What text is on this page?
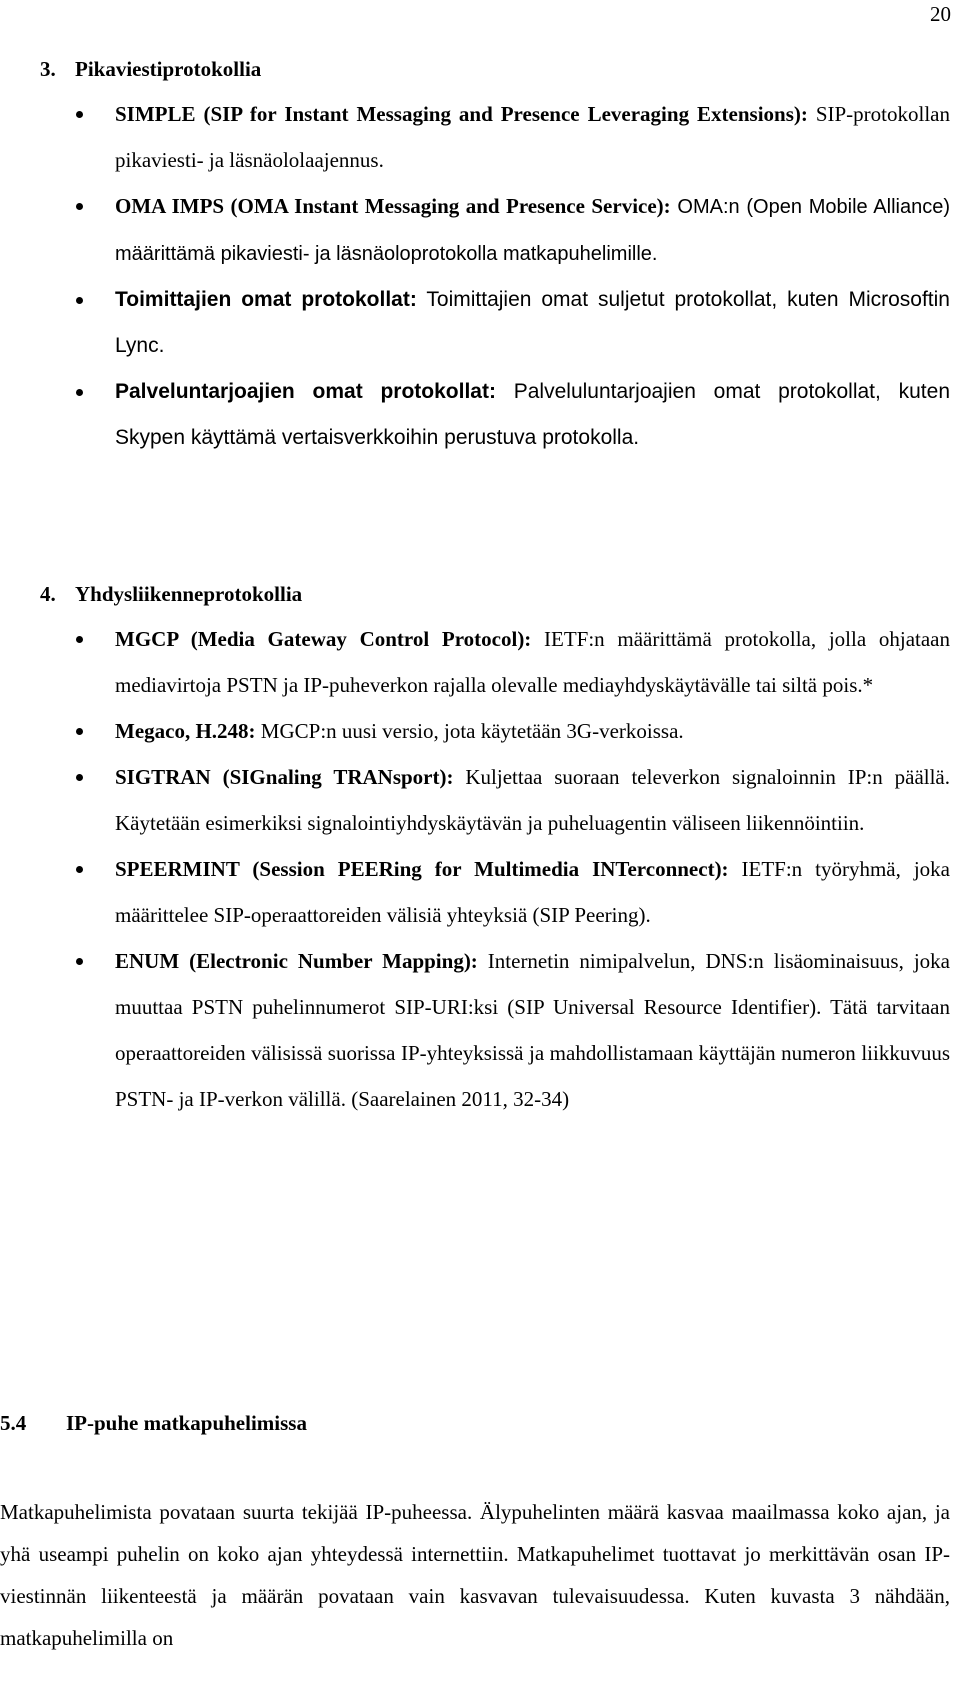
20
3. Pikaviestiprotokollia
SIMPLE (SIP for Instant Messaging and Presence Leveraging Extensions): SIP-protokollan pikaviesti- ja läsnäololaajennus.
OMA IMPS (OMA Instant Messaging and Presence Service): OMA:n (Open Mobile Alliance) määrittämä pikaviesti- ja läsnäoloprotokolla matkapuhelimille.
Toimittajien omat protokollat: Toimittajien omat suljetut protokollat, kuten Microsoftin Lync.
Palveluntarjoajien omat protokollat: Palveluluntarjoajien omat protokollat, kuten Skypen käyttämä vertaisverkkoihin perustuva protokolla.
4. Yhdysliikenneprotokollia
MGCP (Media Gateway Control Protocol): IETF:n määrittämä protokolla, jolla ohjataan mediavirtoja PSTN ja IP-puheverkon rajalla olevalle mediayhdyskäytävälle tai siltä pois.*
Megaco, H.248: MGCP:n uusi versio, jota käytetään 3G-verkoissa.
SIGTRAN (SIGnaling TRANsport): Kuljettaa suoraan televerkon signaloinnin IP:n päällä. Käytetään esimerkiksi signalointiyhdyskäytävän ja puheluagentin väliseen liikennöintiin.
SPEERMINT (Session PEERing for Multimedia INTerconnect): IETF:n työryhmä, joka määrittelee SIP-operaattoreiden välisiä yhteyksiä (SIP Peering).
ENUM (Electronic Number Mapping): Internetin nimipalvelun, DNS:n lisäominaisuus, joka muuttaa PSTN puhelinnumerot SIP-URI:ksi (SIP Universal Resource Identifier). Tätä tarvitaan operaattoreiden välisissä suorissa IP-yhteyksissä ja mahdollistamaan käyttäjän numeron liikkuvuus PSTN- ja IP-verkon välillä. (Saarelainen 2011, 32-34)
5.4 IP-puhe matkapuhelimissa

Matkapuhelimista povataan suurta tekijää IP-puheessa. Älypuhelinten määrä kasvaa maailmassa koko ajan, ja yhä useampi puhelin on koko ajan yhteydessä internettiin. Matkapuhelimet tuottavat jo merkittävän osan IP-viestinnän liikenteestä ja määrän povataan vain kasvavan tulevaisuudessa. Kuten kuvasta 3 nähdään, matkapuhelimilla on
